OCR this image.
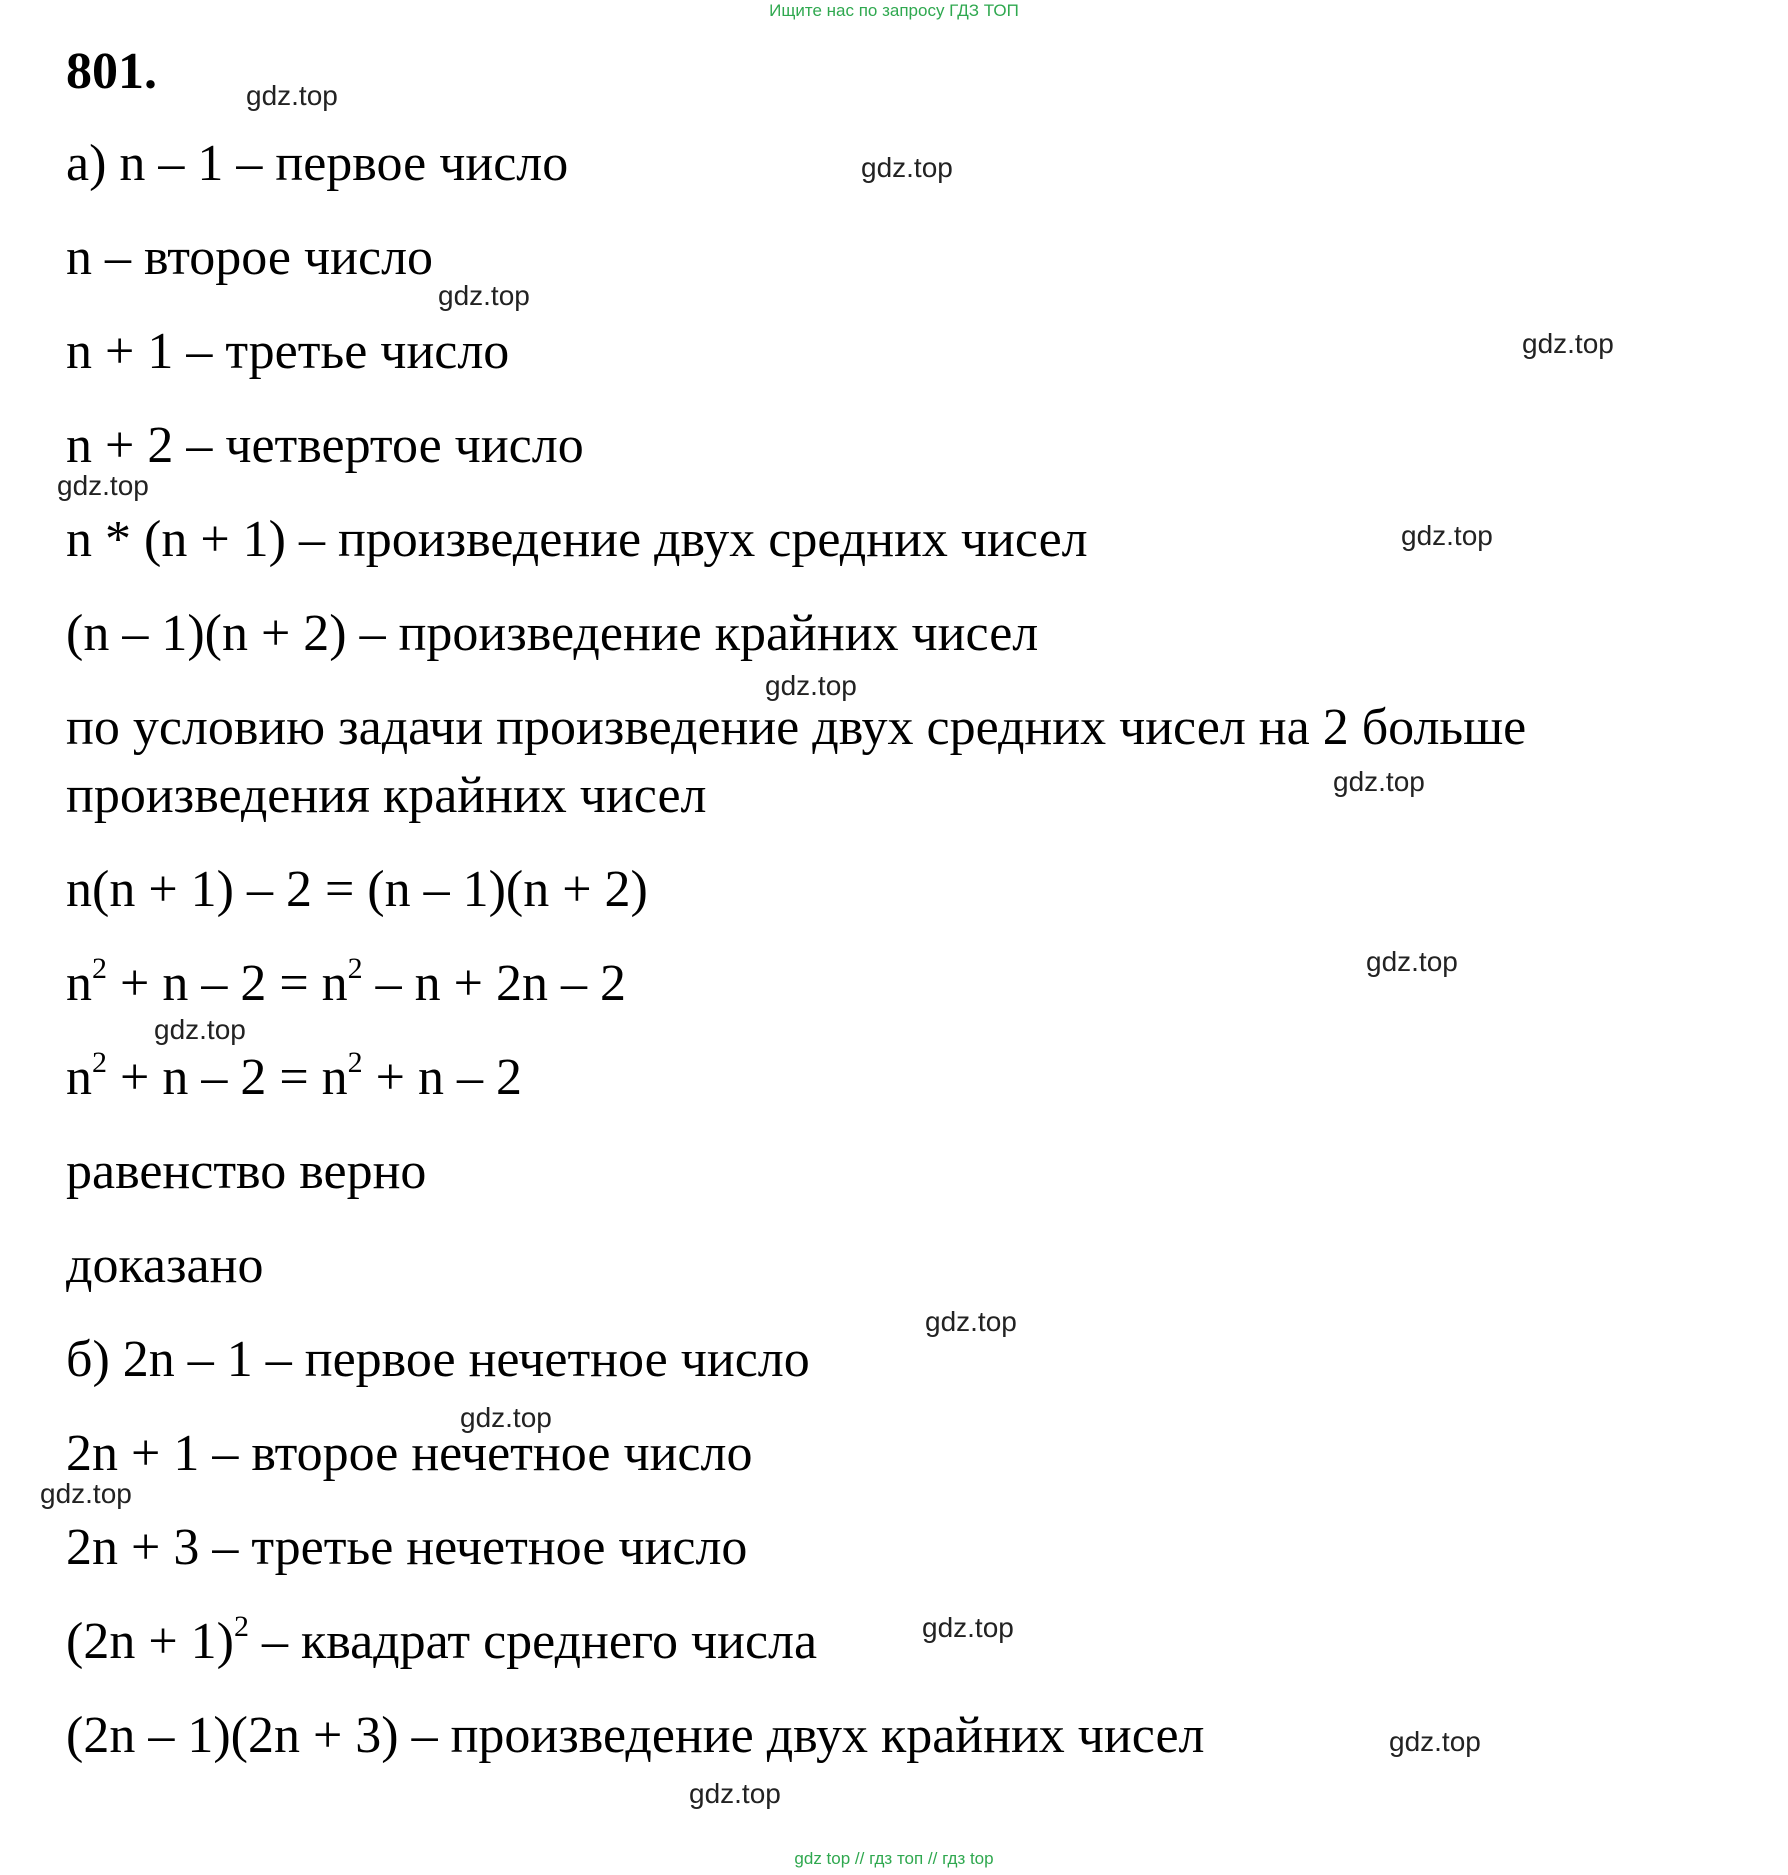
Ищите нас по запросу ГДЗ ТОП
801.
а) n – 1 – первое число
n – второе число
n + 1 – третье число
n + 2 – четвертое число
n * (n + 1) – произведение двух средних чисел
(n – 1)(n + 2) – произведение крайних чисел
по условию задачи произведение двух средних чисел на 2 больше
произведения крайних чисел
n(n + 1) – 2 = (n – 1)(n + 2)
$n^2 + n - 2 = n^2 - n + 2n - 2$
$n^2 + n - 2 = n^2 + n - 2$
равенство верно
доказано
б) 2n – 1 – первое нечетное число
2n + 1 – второе нечетное число
2n + 3 – третье нечетное число
$(2n + 1)^2$ – квадрат среднего числа
(2n – 1)(2n + 3) – произведение двух крайних чисел
gdz.top
gdz.top
gdz.top
gdz.top
gdz.top
gdz.top
gdz.top
gdz.top
gdz.top
gdz.top
gdz.top
gdz.top
gdz.top
gdz.top
gdz.top
gdz.top
gdz top // гдз топ // гдз top
